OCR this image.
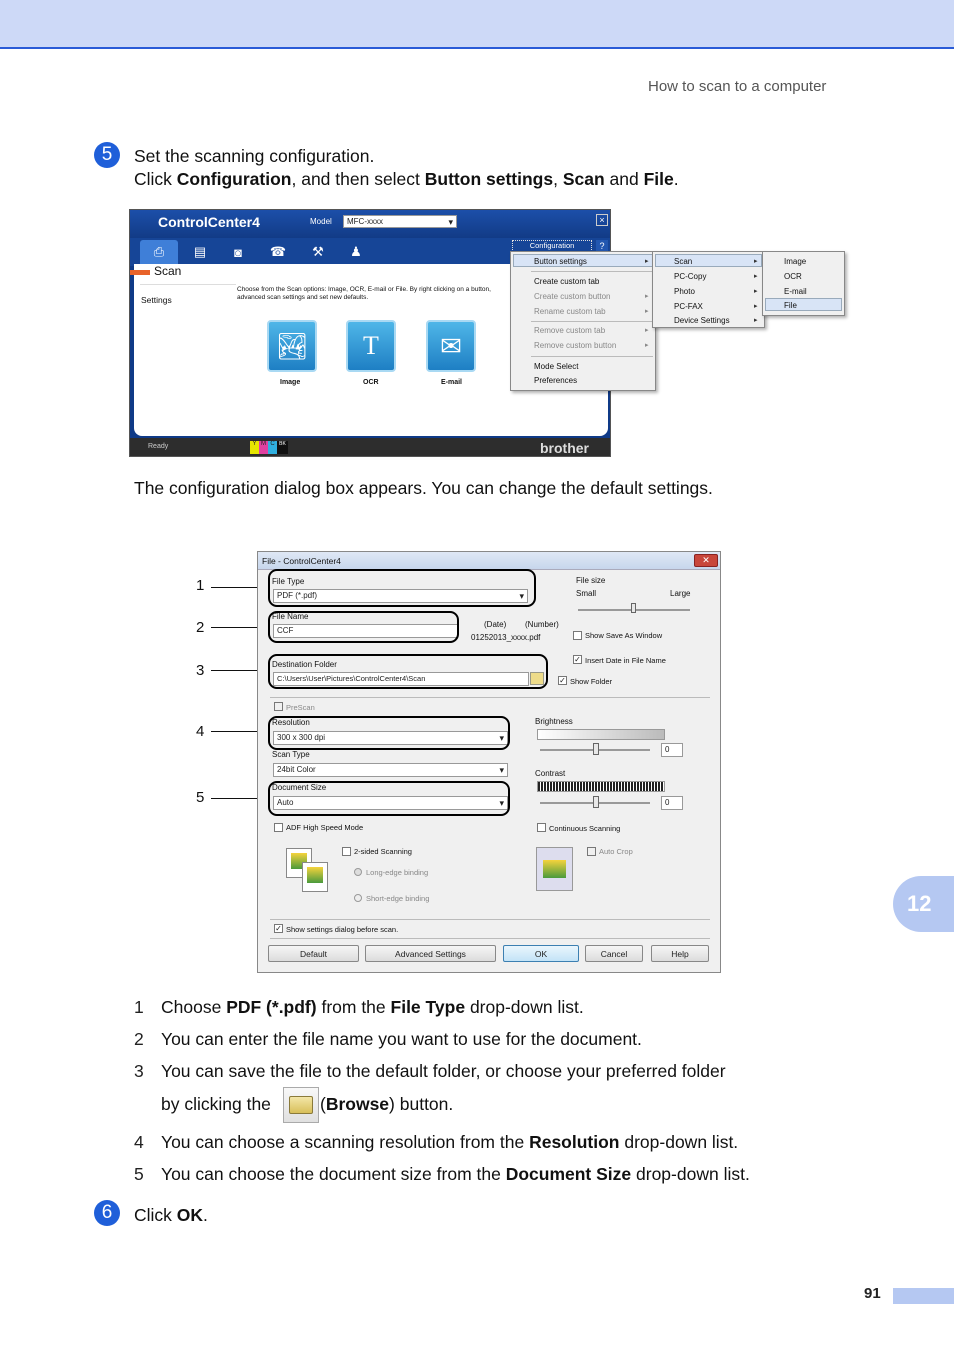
How to scan to a computer
5	Set the scanning configuration.
Click Configuration, and then select Button settings, Scan and File.
ControlCenter4	Model	MFC-xxxx ▾	×
⎙	▤	◙	☎	⚒	♟	Configuration	?
Scan
Settings
Choose from the Scan options: Image, OCR, E-mail or File. By right clicking on a button,
advanced scan settings and set new defaults.
🏞	T	✉
Image	OCR	E-mail
Ready	Y M C BK	brother
Button settings	▸
Create custom tab
Create custom button	▸
Rename custom tab	▸
Remove custom tab	▸
Remove custom button	▸
Mode Select
Preferences
Scan	▸
PC-Copy	▸
Photo	▸
PC-FAX	▸
Device Settings	▸
Image
OCR
E-mail
File
The configuration dialog box appears. You can change the default settings.
1
2
3
4
5
File - ControlCenter4	✕
File Type
PDF (*.pdf) ▾
File size
Small	Large
File Name
CCF
(Date) (Number)
01252013_xxxx.pdf	Show Save As Window
Destination Folder
C:\Users\User\Pictures\ControlCenter4\Scan
✓ Insert Date in File Name
✓ Show Folder
PreScan
Resolution
300 x 300 dpi ▾
Brightness
0
Scan Type
24bit Color ▾	Contrast
0
Document Size
Auto ▾
ADF High Speed Mode	Continuous Scanning
2-sided Scanning
Long-edge binding
Short-edge binding
Auto Crop
✓ Show settings dialog before scan.
Default	Advanced Settings	OK	Cancel	Help
1 Choose PDF (*.pdf) from the File Type drop-down list.
2 You can enter the file name you want to use for the document.
3 You can save the file to the default folder, or choose your preferred folder
by clicking the	(Browse) button.
4 You can choose a scanning resolution from the Resolution drop-down list.
5 You can choose the document size from the Document Size drop-down list.
6	Click OK.
12
91
